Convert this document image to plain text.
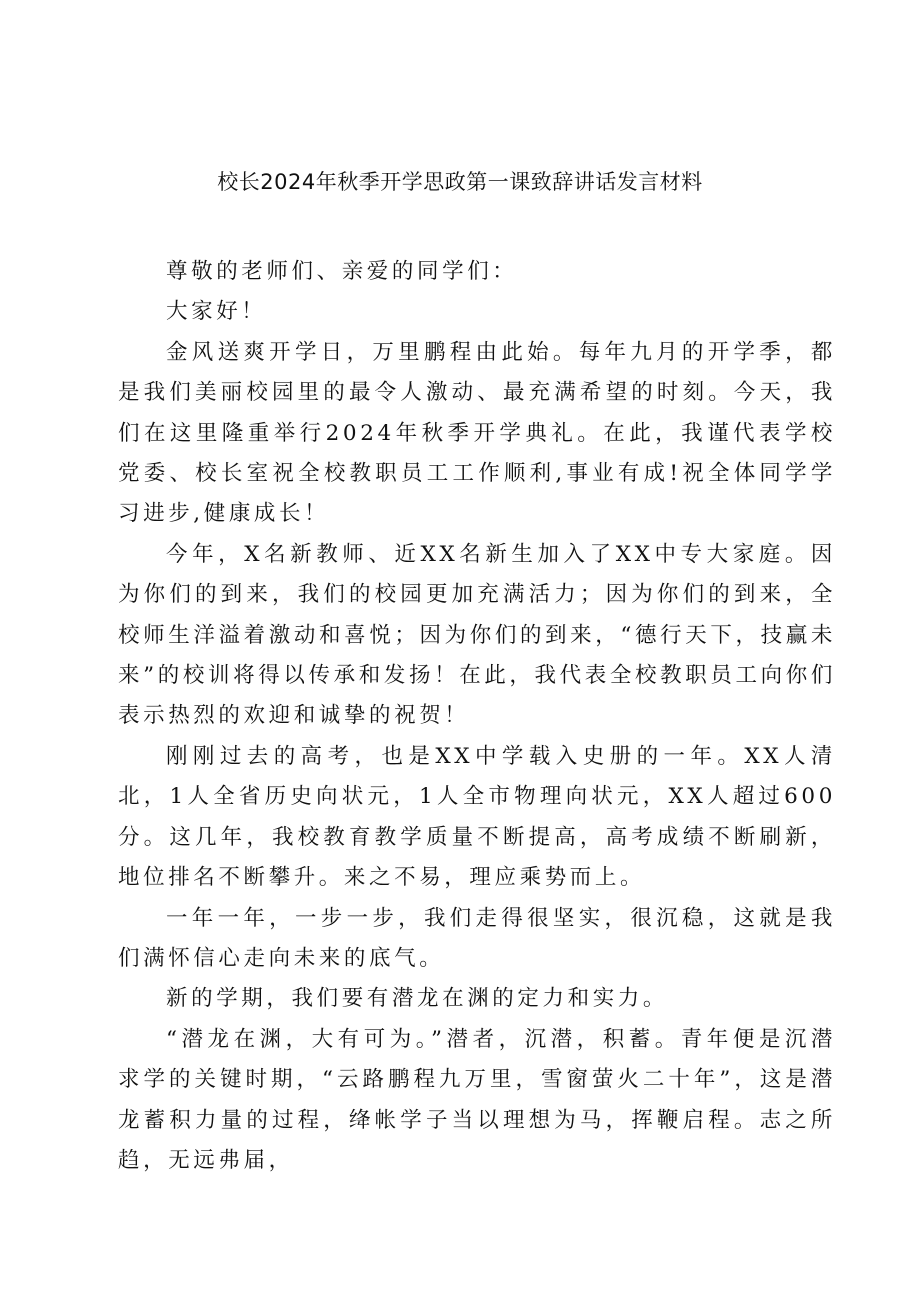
校长2024年秋季开学思政第一课致辞讲话发言材料

尊敬的老师们、亲爱的同学们：

大家好！

金风送爽开学日，万里鹏程由此始。每年九月的开学季，都是我们美丽校园里的最令人激动、最充满希望的时刻。今天，我们在这里隆重举行2024年秋季开学典礼。在此，我谨代表学校党委、校长室祝全校教职员工工作顺利,事业有成!祝全体同学学习进步,健康成长！

今年，X名新教师、近XX名新生加入了XX中专大家庭。因为你们的到来，我们的校园更加充满活力；因为你们的到来，全校师生洋溢着激动和喜悦；因为你们的到来，“德行天下，技赢未来”的校训将得以传承和发扬！在此，我代表全校教职员工向你们表示热烈的欢迎和诚挚的祝贺！

刚刚过去的高考，也是XX中学载入史册的一年。XX人清北，1人全省历史向状元，1人全市物理向状元，XX人超过600分。这几年，我校教育教学质量不断提高，高考成绩不断刷新，地位排名不断攀升。来之不易，理应乘势而上。

一年一年，一步一步，我们走得很坚实，很沉稳，这就是我们满怀信心走向未来的底气。

新的学期，我们要有潜龙在渊的定力和实力。

“潜龙在渊，大有可为。”潜者，沉潜，积蓄。青年便是沉潜求学的关键时期，“云路鹏程九万里，雪窗萤火二十年”，这是潜龙蓄积力量的过程，绛帐学子当以理想为马，挥鞭启程。志之所趋，无远弗届，
